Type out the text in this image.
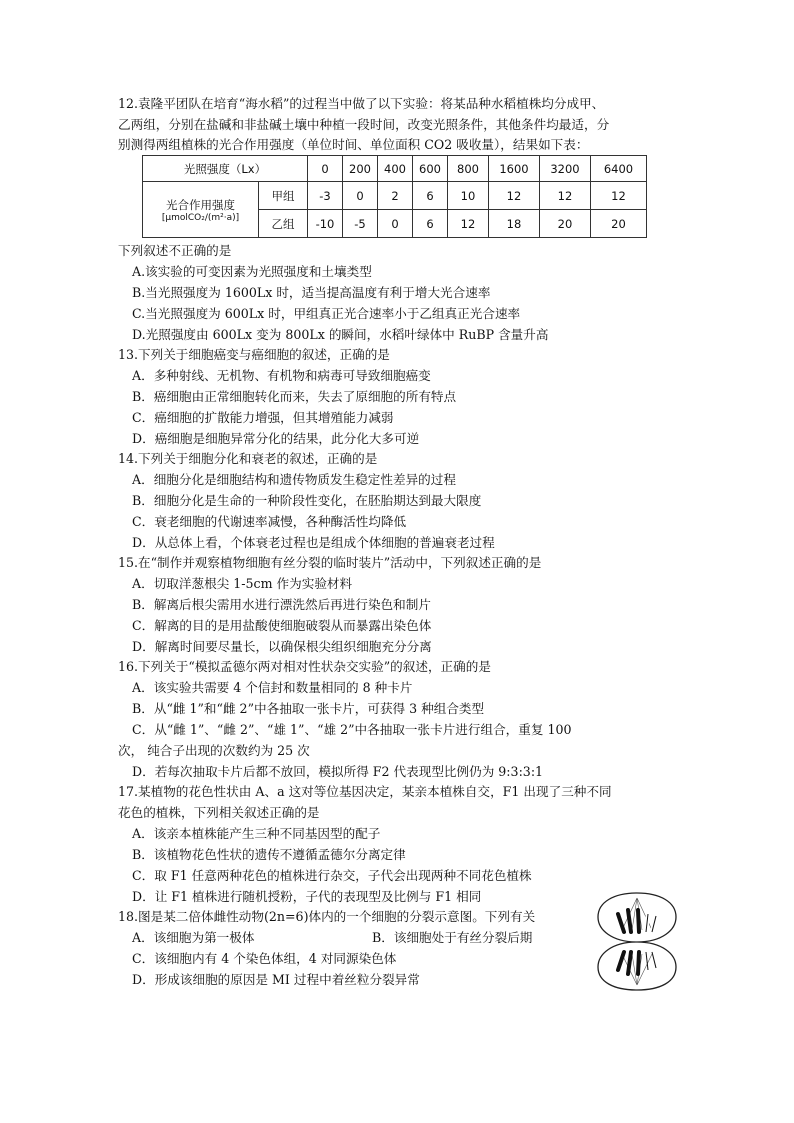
12.袁隆平团队在培育“海水稻”的过程当中做了以下实验：将某品种水稻植株均分成甲、
乙两组，分别在盐碱和非盐碱土壤中种植一段时间，改变光照条件，其他条件均最适，分
别测得两组植株的光合作用强度（单位时间、单位面积 CO2 吸收量），结果如下表：
光照强度（Lx）		0	200	400	600	800	1600	3200	6400

光合作用强度
[μmolCO₂/(m²·a)]	甲组	-3	0	2	6	10	12	12	12
	乙组	-10	-5	0	6	12	18	20	20
下列叙述不正确的是
A.该实验的可变因素为光照强度和土壤类型
B.当光照强度为 1600Lx 时，适当提高温度有利于增大光合速率
C.当光照强度为 600Lx 时，甲组真正光合速率小于乙组真正光合速率
D.光照强度由 600Lx 变为 800Lx 的瞬间，水稻叶绿体中 RuBP 含量升高
13.下列关于细胞癌变与癌细胞的叙述，正确的是
A．多种射线、无机物、有机物和病毒可导致细胞癌变
B．癌细胞由正常细胞转化而来，失去了原细胞的所有特点
C．癌细胞的扩散能力增强，但其增殖能力减弱
D．癌细胞是细胞异常分化的结果，此分化大多可逆
14.下列关于细胞分化和衰老的叙述，正确的是
A．细胞分化是细胞结构和遗传物质发生稳定性差异的过程
B．细胞分化是生命的一种阶段性变化，在胚胎期达到最大限度
C．衰老细胞的代谢速率减慢，各种酶活性均降低
D．从总体上看，个体衰老过程也是组成个体细胞的普遍衰老过程
15.在“制作并观察植物细胞有丝分裂的临时装片”活动中，下列叙述正确的是
A．切取洋葱根尖 1-5cm 作为实验材料
B．解离后根尖需用水进行漂洗然后再进行染色和制片
C．解离的目的是用盐酸使细胞破裂从而暴露出染色体
D．解离时间要尽量长，以确保根尖组织细胞充分分离
16.下列关于“模拟孟德尔两对相对性状杂交实验”的叙述，正确的是
A．该实验共需要 4 个信封和数量相同的 8 种卡片
B．从“雌 1”和“雌 2”中各抽取一张卡片，可获得 3 种组合类型
C．从“雌 1”、“雌 2”、“雄 1”、“雄 2”中各抽取一张卡片进行组合，重复 100
次， 纯合子出现的次数约为 25 次
D．若每次抽取卡片后都不放回，模拟所得 F2 代表现型比例仍为 9:3:3:1
17.某植物的花色性状由 A、a 这对等位基因决定，某亲本植株自交，F1 出现了三种不同
花色的植株，下列相关叙述正确的是
A．该亲本植株能产生三种不同基因型的配子
B．该植物花色性状的遗传不遵循孟德尔分离定律
C．取 F1 任意两种花色的植株进行杂交，子代会出现两种不同花色植株
D．让 F1 植株进行随机授粉，子代的表现型及比例与 F1 相同
18.图是某二倍体雌性动物(2n=6)体内的一个细胞的分裂示意图。下列有关
A．该细胞为第一极体	B．该细胞处于有丝分裂后期
C．该细胞内有 4 个染色体组，4 对同源染色体
D．形成该细胞的原因是 MI 过程中着丝粒分裂异常
